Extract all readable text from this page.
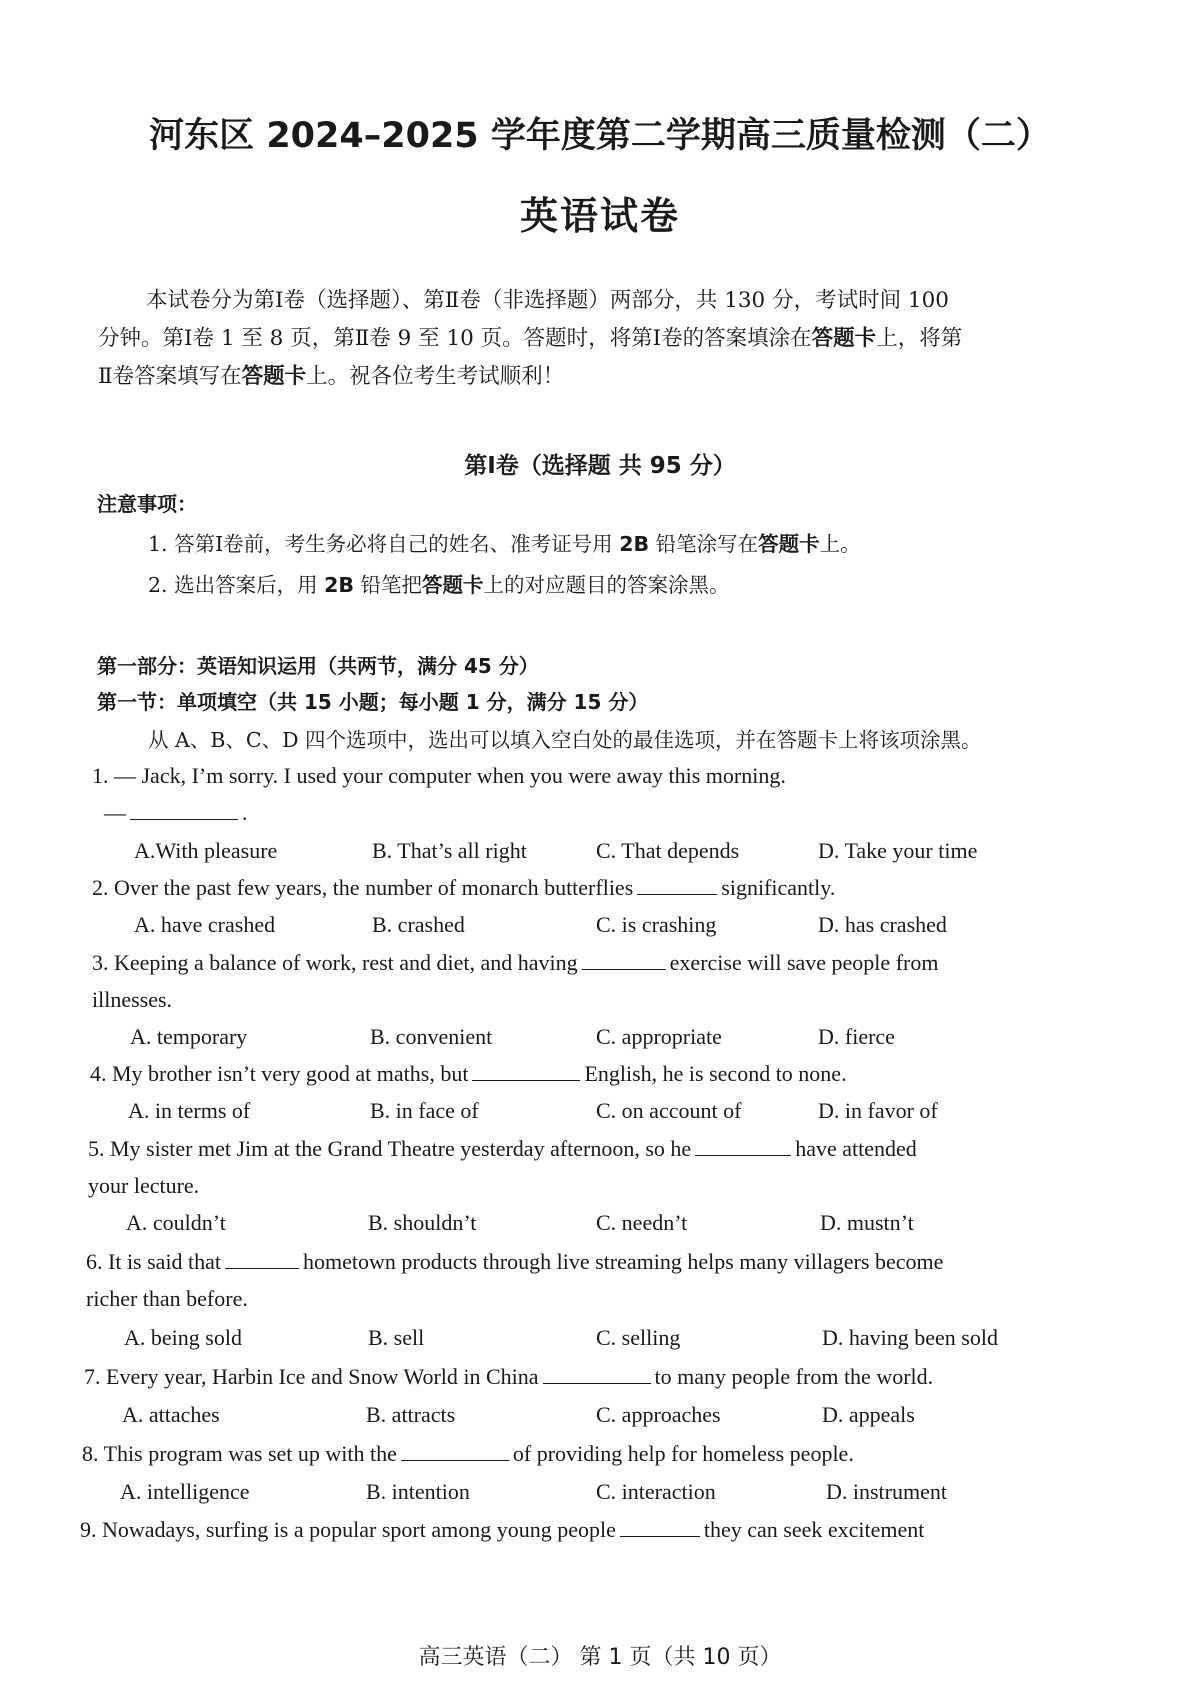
河东区 2024–2025 学年度第二学期高三质量检测（二）
英语试卷
本试卷分为第Ⅰ卷（选择题）、第Ⅱ卷（非选择题）两部分，共 130 分，考试时间 100
分钟。第Ⅰ卷 1 至 8 页，第Ⅱ卷 9 至 10 页。答题时，将第Ⅰ卷的答案填涂在答题卡上，将第
Ⅱ卷答案填写在答题卡上。祝各位考生考试顺利！
第Ⅰ卷（选择题 共 95 分）
注意事项：
1. 答第Ⅰ卷前，考生务必将自己的姓名、准考证号用 2B 铅笔涂写在答题卡上。
2. 选出答案后，用 2B 铅笔把答题卡上的对应题目的答案涂黑。
第一部分：英语知识运用（共两节，满分 45 分）
第一节：单项填空（共 15 小题；每小题 1 分，满分 15 分）
从 A、B、C、D 四个选项中，选出可以填入空白处的最佳选项，并在答题卡上将该项涂黑。
1. — Jack, I’m sorry. I used your computer when you were away this morning.
—	.
A.With pleasure	B. That’s all right	C. That depends	D. Take your time
2. Over the past few years, the number of monarch butterflies	significantly.
A. have crashed	B. crashed	C. is crashing	D. has crashed
3. Keeping a balance of work, rest and diet, and having	exercise will save people from
illnesses.
A. temporary	B. convenient	C. appropriate	D. fierce
4. My brother isn’t very good at maths, but	English, he is second to none.
A. in terms of	B. in face of	C. on account of	D. in favor of
5. My sister met Jim at the Grand Theatre yesterday afternoon, so he	have attended
your lecture.
A. couldn’t	B. shouldn’t	C. needn’t	D. mustn’t
6. It is said that	hometown products through live streaming helps many villagers become
richer than before.
A. being sold	B. sell	C. selling	D. having been sold
7. Every year, Harbin Ice and Snow World in China	to many people from the world.
A. attaches	B. attracts	C. approaches	D. appeals
8. This program was set up with the	of providing help for homeless people.
A. intelligence	B. intention	C. interaction	D. instrument
9. Nowadays, surfing is a popular sport among young people	they can seek excitement
高三英语（二） 第 1 页（共 10 页）
